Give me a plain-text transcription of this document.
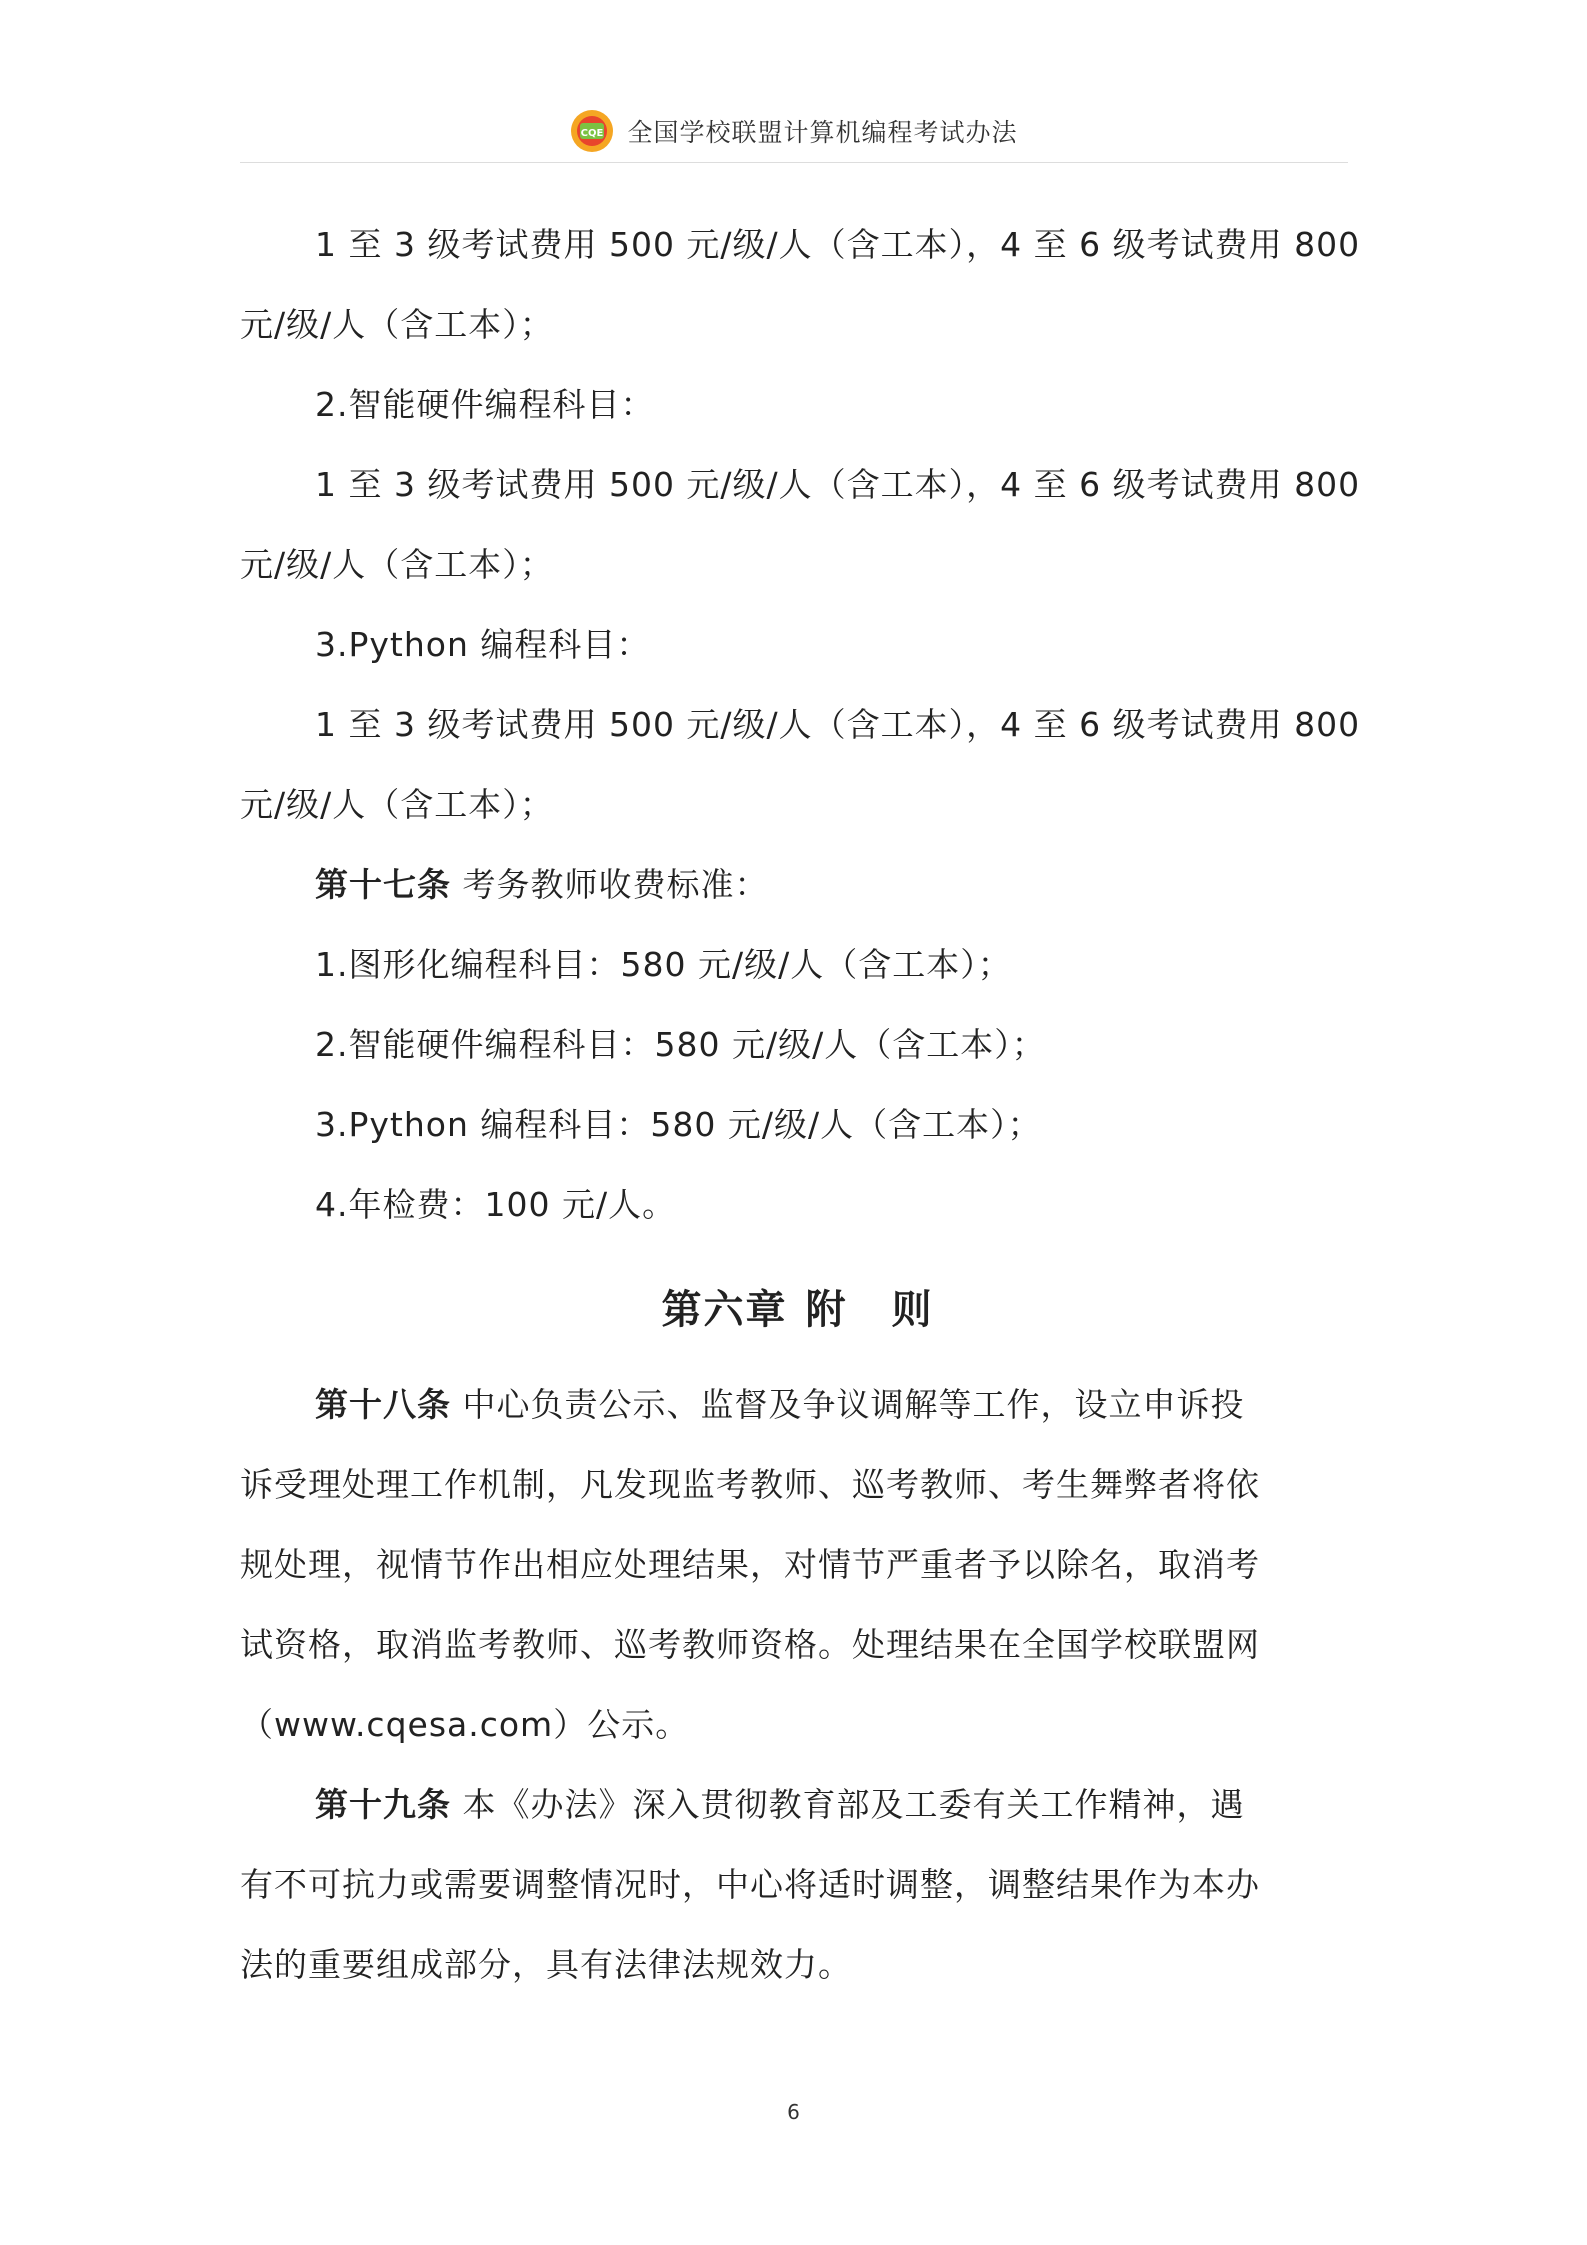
CQE 全国学校联盟计算机编程考试办法
1 至 3 级考试费用 500 元/级/人（含工本），4 至 6 级考试费用 800
元/级/人（含工本）；
2.智能硬件编程科目：
1 至 3 级考试费用 500 元/级/人（含工本），4 至 6 级考试费用 800
元/级/人（含工本）；
3.Python 编程科目：
1 至 3 级考试费用 500 元/级/人（含工本），4 至 6 级考试费用 800
元/级/人（含工本）；
第十七条 考务教师收费标准：
1.图形化编程科目：580 元/级/人（含工本）；
2.智能硬件编程科目：580 元/级/人（含工本）；
3.Python 编程科目：580 元/级/人（含工本）；
4.年检费：100 元/人。
第六章 附 则
第十八条 中心负责公示、监督及争议调解等工作，设立申诉投
诉受理处理工作机制，凡发现监考教师、巡考教师、考生舞弊者将依
规处理，视情节作出相应处理结果，对情节严重者予以除名，取消考
试资格，取消监考教师、巡考教师资格。处理结果在全国学校联盟网
（www.cqesa.com）公示。
第十九条 本《办法》深入贯彻教育部及工委有关工作精神，遇
有不可抗力或需要调整情况时，中心将适时调整，调整结果作为本办
法的重要组成部分，具有法律法规效力。
6
